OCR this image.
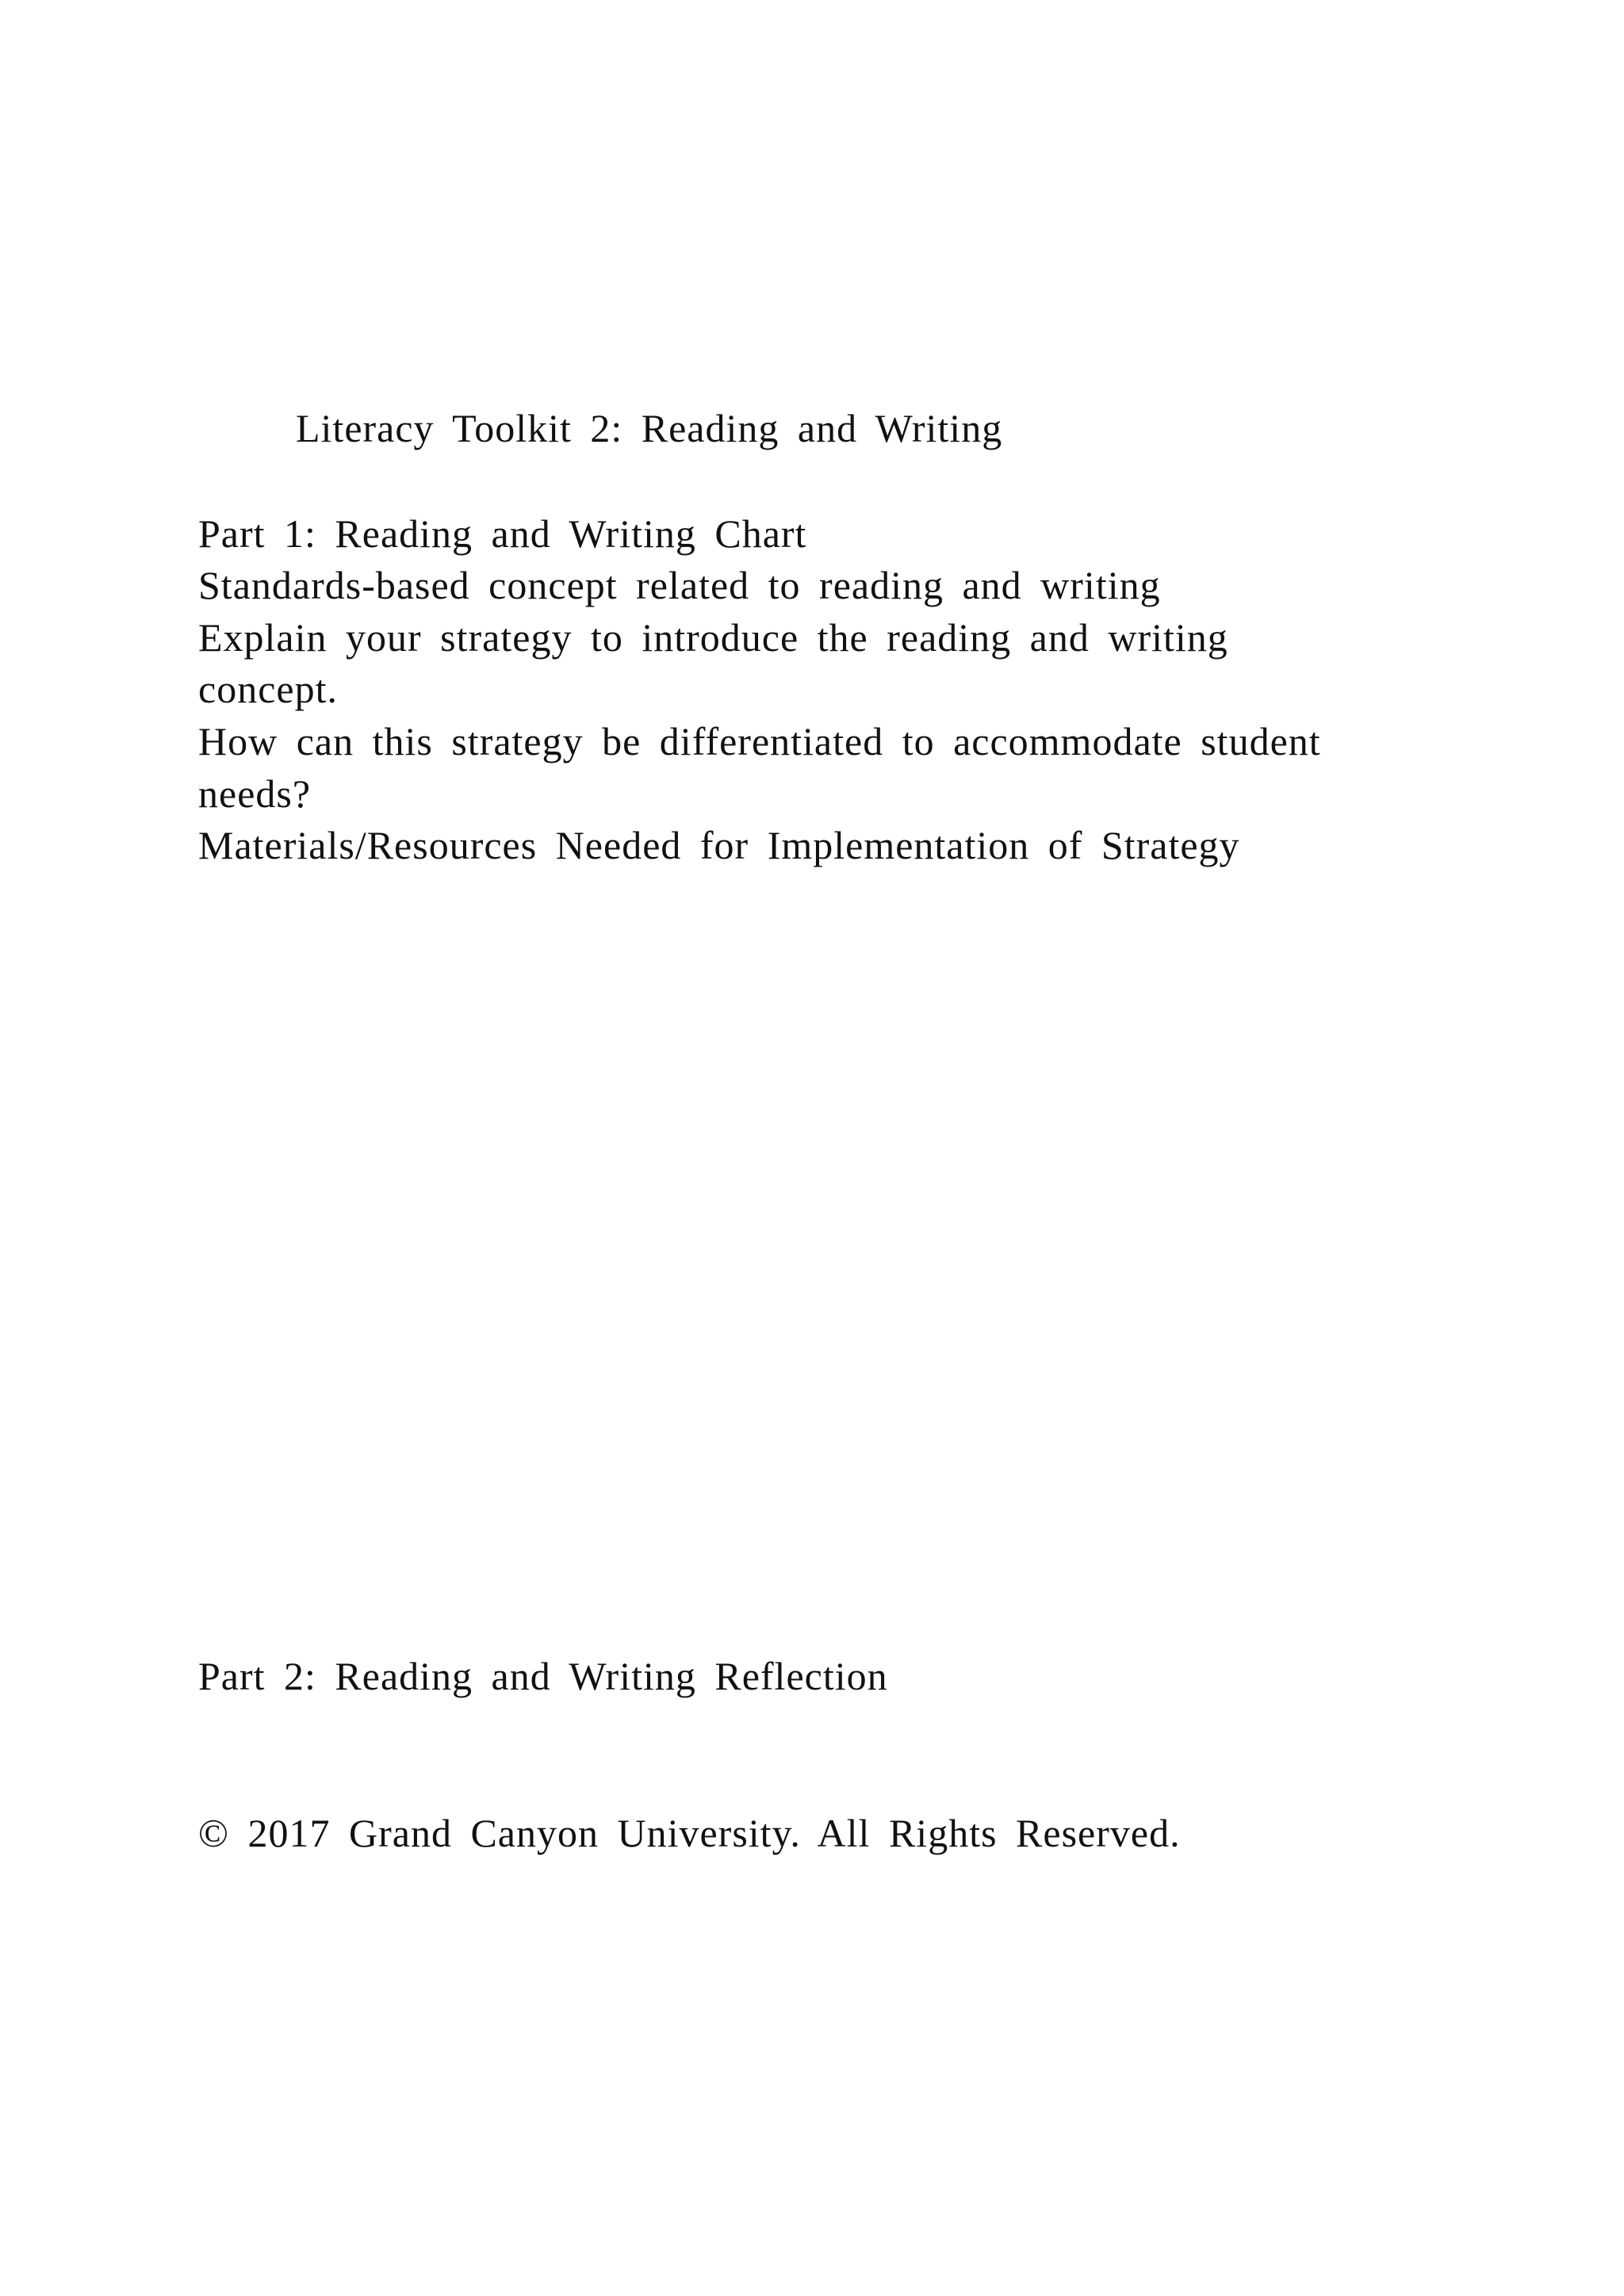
Literacy Toolkit 2: Reading and Writing

Part 1: Reading and Writing Chart

Standards-based concept related to reading and writing

Explain your strategy to introduce the reading and writing

concept.

How can this strategy be differentiated to accommodate student

needs?

Materials/Resources Needed for Implementation of Strategy

Part 2: Reading and Writing Reflection

© 2017 Grand Canyon University. All Rights Reserved.
